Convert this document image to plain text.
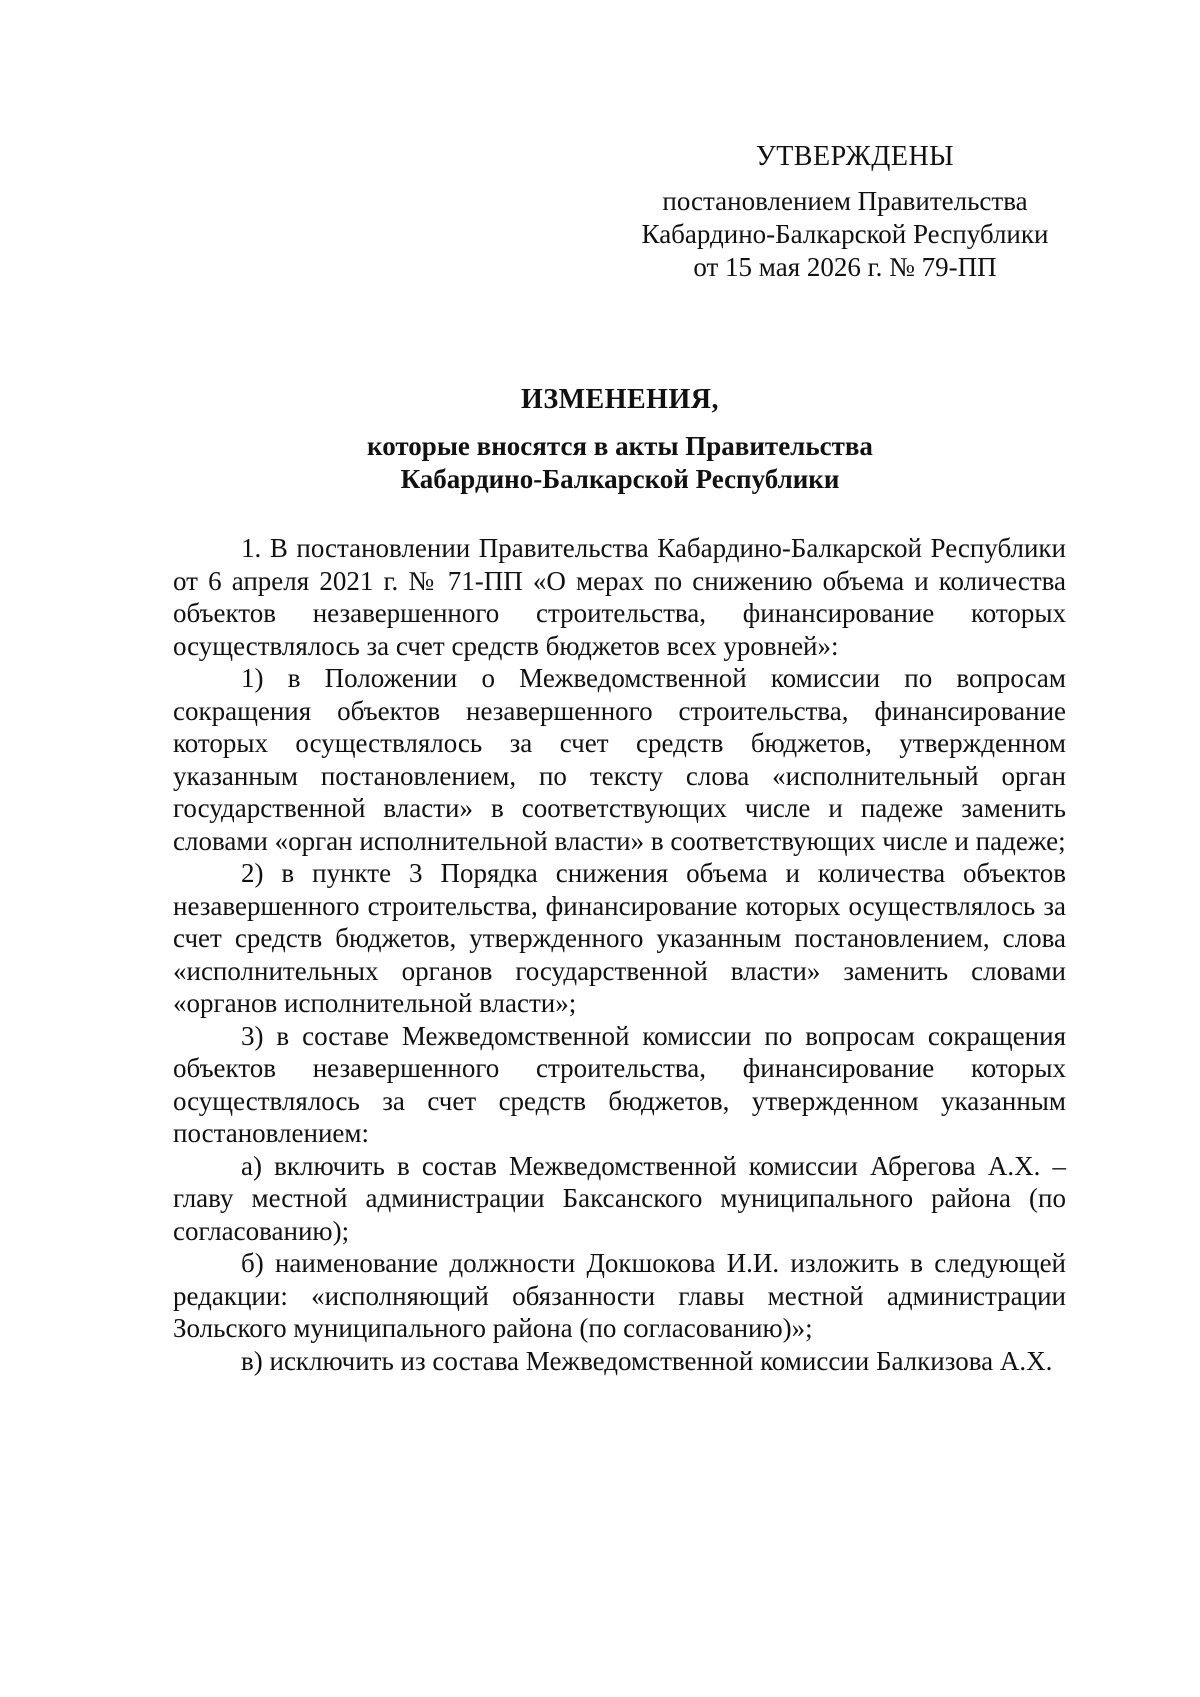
УТВЕРЖДЕНЫ
постановлением Правительства
Кабардино-Балкарской Республики
от 15 мая 2026 г. № 79-ПП
ИЗМЕНЕНИЯ,
которые вносятся в акты Правительства
Кабардино-Балкарской Республики

1. В постановлении Правительства Кабардино-Балкарской Республики от 6 апреля 2021 г. № 71-ПП «О мерах по снижению объема и количества объектов незавершенного строительства, финансирование которых осуществлялось за счет средств бюджетов всех уровней»:

1) в Положении о Межведомственной комиссии по вопросам сокращения объектов незавершенного строительства, финансирование которых осуществлялось за счет средств бюджетов, утвержденном указанным постановлением, по тексту слова «исполнительный орган государственной власти» в соответствующих числе и падеже заменить словами «орган исполнительной власти» в соответствующих числе и падеже;

2) в пункте 3 Порядка снижения объема и количества объектов незавершенного строительства, финансирование которых осуществлялось за счет средств бюджетов, утвержденного указанным постановлением, слова «исполнительных органов государственной власти» заменить словами «органов исполнительной власти»;

3) в составе Межведомственной комиссии по вопросам сокращения объектов незавершенного строительства, финансирование которых осуществлялось за счет средств бюджетов, утвержденном указанным постановлением:

а) включить в состав Межведомственной комиссии Абрегова А.Х. – главу местной администрации Баксанского муниципального района (по согласованию);

б) наименование должности Докшокова И.И. изложить в следующей редакции: «исполняющий обязанности главы местной администрации Зольского муниципального района (по согласованию)»;

в) исключить из состава Межведомственной комиссии Балкизова А.Х.
